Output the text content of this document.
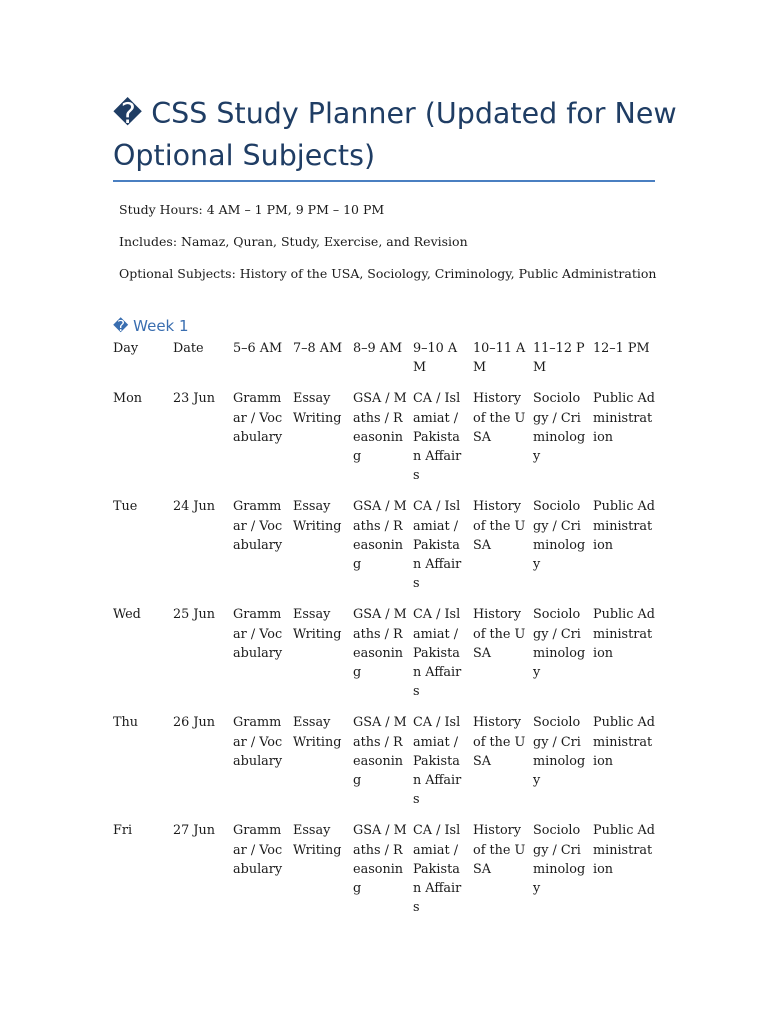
� CSS Study Planner (Updated for New
Optional Subjects)
Study Hours: 4 AM – 1 PM, 9 PM – 10 PM
Includes: Namaz, Quran, Study, Exercise, and Revision
Optional Subjects: History of the USA, Sociology, Criminology, Public Administration
� Week 1
Day	Date	5–6 AM	7–8 AM	8–9 AM	9–10 AM	10–11 AM	11–12 PM	12–1 PM
Mon	23 Jun	Grammar / Vocabulary	Essay Writing	GSA / Maths / Reasoning	CA / Islamiat / Pakistan Affairs	History of the USA	Sociology / Criminology	Public Administration
Tue	24 Jun	Grammar / Vocabulary	Essay Writing	GSA / Maths / Reasoning	CA / Islamiat / Pakistan Affairs	History of the USA	Sociology / Criminology	Public Administration
Wed	25 Jun	Grammar / Vocabulary	Essay Writing	GSA / Maths / Reasoning	CA / Islamiat / Pakistan Affairs	History of the USA	Sociology / Criminology	Public Administration
Thu	26 Jun	Grammar / Vocabulary	Essay Writing	GSA / Maths / Reasoning	CA / Islamiat / Pakistan Affairs	History of the USA	Sociology / Criminology	Public Administration
Fri	27 Jun	Grammar / Vocabulary	Essay Writing	GSA / Maths / Reasoning	CA / Islamiat / Pakistan Affairs	History of the USA	Sociology / Criminology	Public Administration
